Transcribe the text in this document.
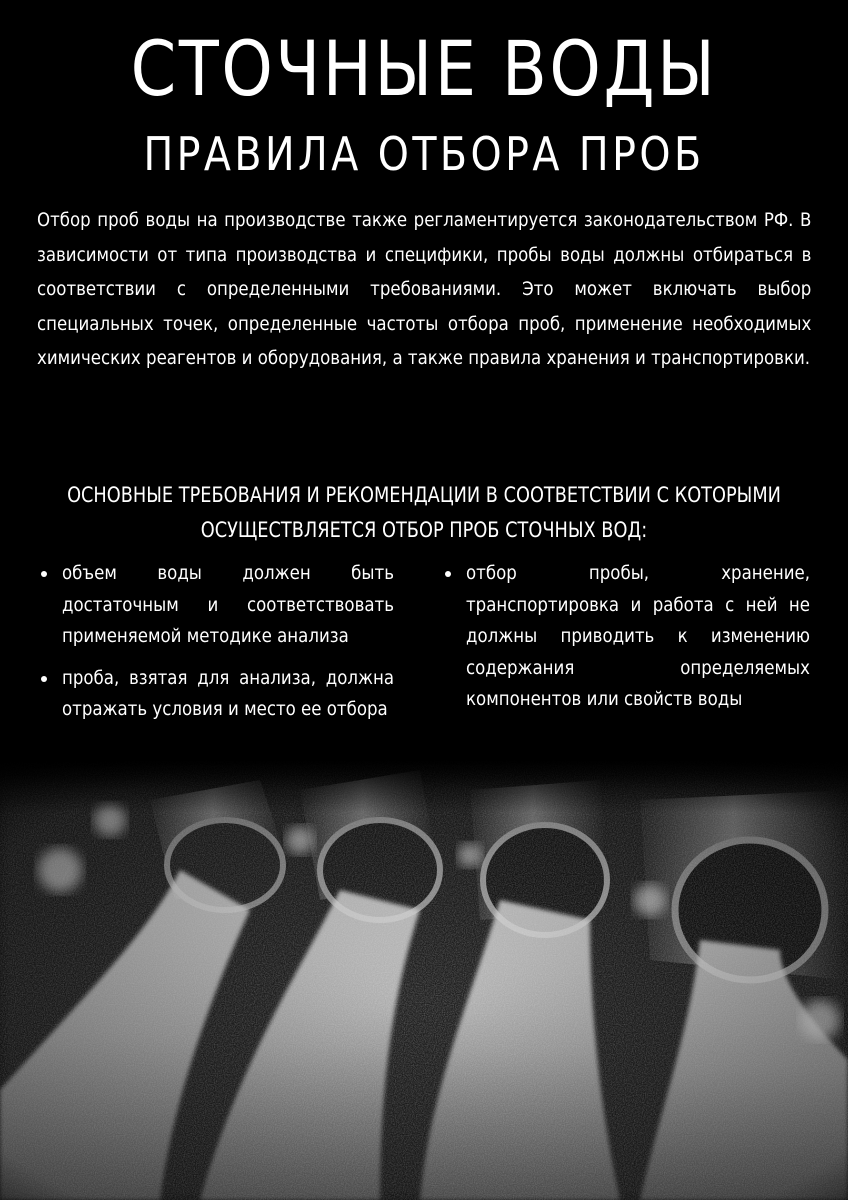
СТОЧНЫЕ ВОДЫ
ПРАВИЛА ОТБОРА ПРОБ

Отбор проб воды на производстве также регламентируется законодательством РФ. В зависимости от типа производства и специфики, пробы воды должны отбираться в соответствии с определенными требованиями. Это может включать выбор специальных точек, определенные частоты отбора проб, применение необходимых химических реагентов и оборудования, а также правила хранения и транспортировки.

ОСНОВНЫЕ ТРЕБОВАНИЯ И РЕКОМЕНДАЦИИ В СООТВЕТСТВИИ С КОТОРЫМИ ОСУЩЕСТВЛЯЕТСЯ ОТБОР ПРОБ СТОЧНЫХ ВОД:

объем воды должен быть достаточным и соответствовать применяемой методике анализа
проба, взятая для анализа, должна отражать условия и место ее отбора
отбор пробы, хранение, транспортировка и работа с ней не должны приводить к изменению содержания определяемых компонентов или свойств воды
